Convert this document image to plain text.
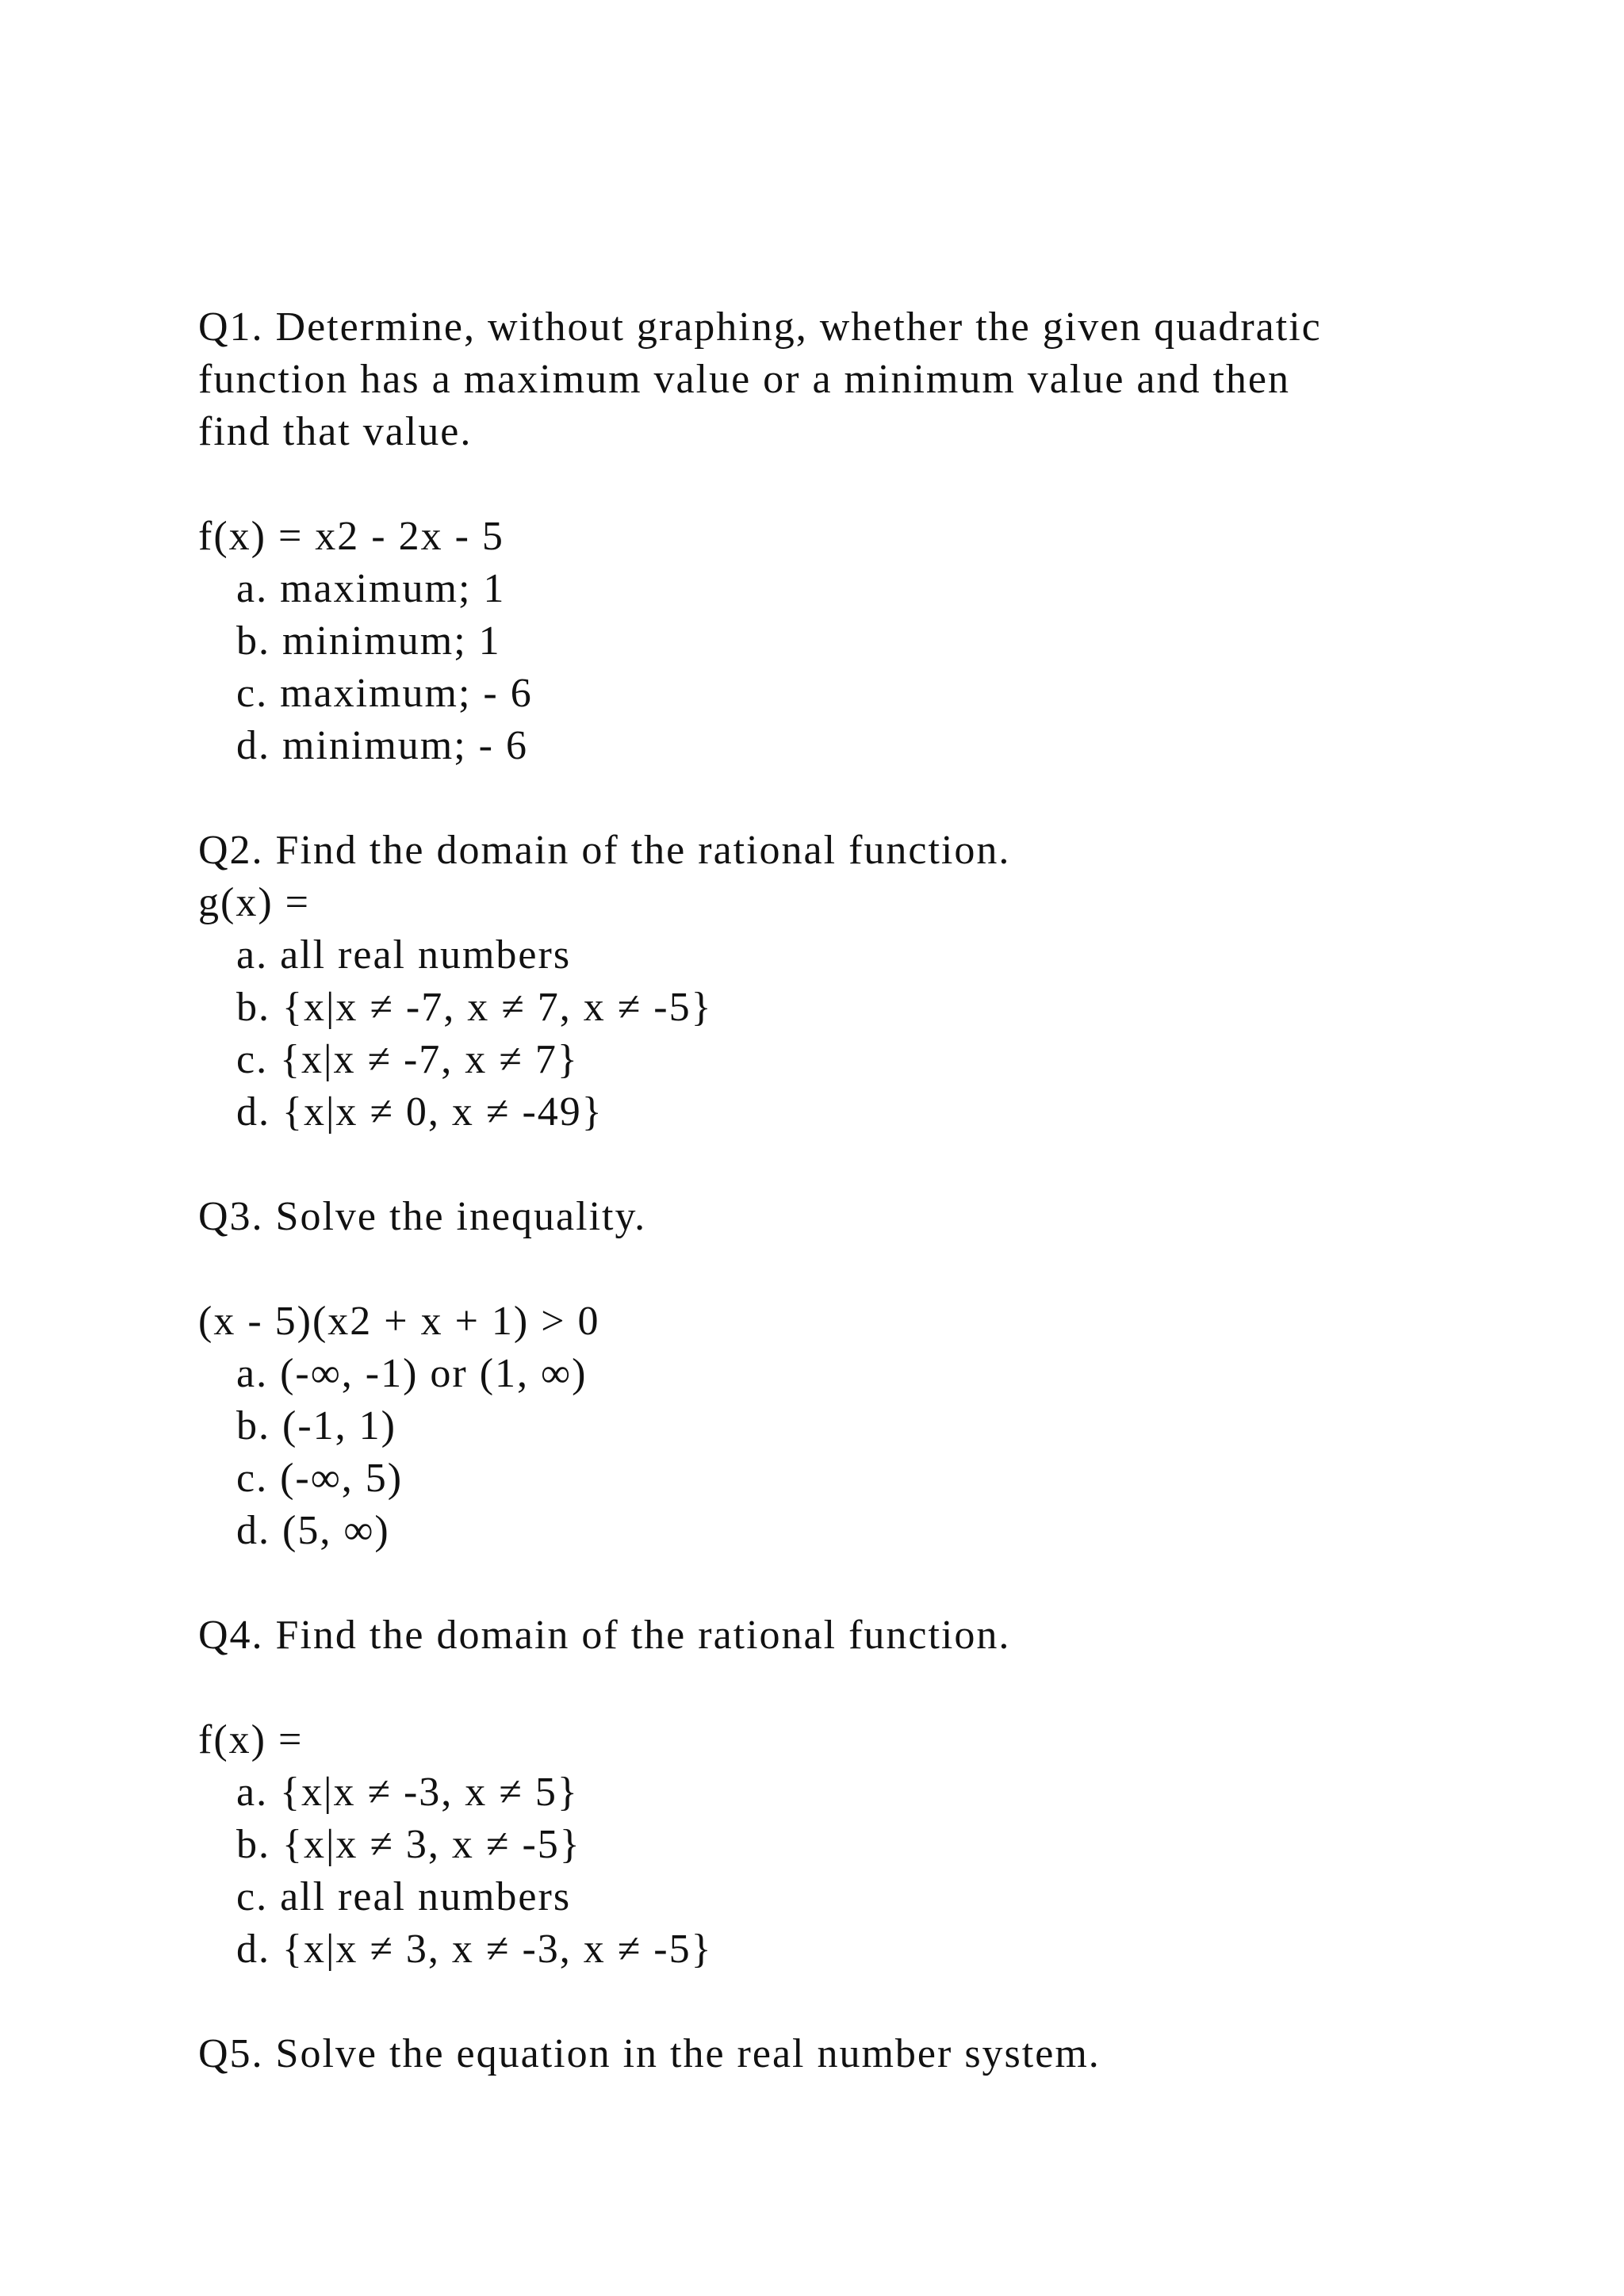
Q1. Determine, without graphing, whether the given quadratic

function has a maximum value or a minimum value and then

find that value.

f(x) = x2 - 2x - 5

a. maximum; 1

b. minimum; 1

c. maximum; - 6

d. minimum; - 6

Q2. Find the domain of the rational function.

g(x) =

a. all real numbers

b. {x|x ≠ -7, x ≠ 7, x ≠ -5}

c. {x|x ≠ -7, x ≠ 7}

d. {x|x ≠ 0, x ≠ -49}

Q3. Solve the inequality.

(x - 5)(x2 + x + 1) > 0

a. (-∞, -1) or (1, ∞)

b. (-1, 1)

c. (-∞, 5)

d. (5, ∞)

Q4. Find the domain of the rational function.

f(x) =

a. {x|x ≠ -3, x ≠ 5}

b. {x|x ≠ 3, x ≠ -5}

c. all real numbers

d. {x|x ≠ 3, x ≠ -3, x ≠ -5}

Q5. Solve the equation in the real number system.
